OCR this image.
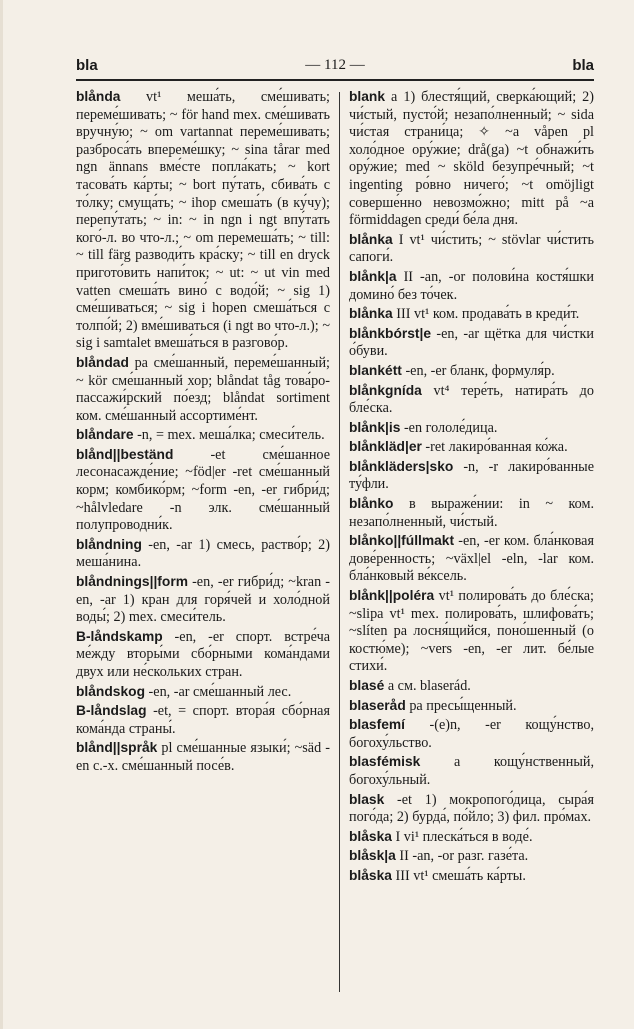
bla	— 112 —	bla

blånda vt¹ меша́ть, сме́шивать; переме́шивать; ~ för hand mex. сме́шивать вручну́ю; ~ om vartannat переме́шивать; разброса́ть впереме́шку; ~ sina tårar med ngn ännans вме́сте попла́кать; ~ kort тасова́ть ка́рты; ~ bort пу́тать, сбива́ть с то́лку; смуща́ть; ~ ihop смеша́ть (в ку́чу); перепу́тать; ~ in: ~ in ngn i ngt впу́тать кого́-л. во что-л.; ~ om перемеша́ть; ~ till: ~ till färg разводи́ть кра́ску; ~ till en dryck пригото́вить напи́ток; ~ ut: ~ ut vin med vatten смеша́ть вино́ с водо́й; ~ sig 1) сме́шиваться; ~ sig i hopen смеша́ться с толпо́й; 2) вме́шиваться (i ngt во что-л.); ~ sig i samtalet вмеша́ться в разгово́р.

blåndad pa сме́шанный, переме́шанный; ~ kör сме́шанный хор; blåndat tåg това́ро-пассажи́рский по́езд; blåndat sortiment ком. сме́шанный ассортиме́нт.

blåndare -n, = mex. меша́лка; смеси́тель.

blånd||beständ -et сме́шанное лесонасажде́ние; ~föd|er -ret сме́шанный корм; комбико́рм; ~form -en, -er гибри́д; ~hålvledare -n элк. сме́шанный полупроводни́к.

blåndning -en, -ar 1) смесь, раство́р; 2) меша́нина.

blåndnings||form -en, -er гибри́д; ~kran -en, -ar 1) кран для горя́чей и холо́дной воды́; 2) mex. смеси́тель.

B-låndskamp -en, -er спорт. встре́ча ме́жду вторы́ми сбо́рными кома́ндами двух или не́скольких стран.

blåndskog -en, -ar сме́шанный лес.

B-låndslag -et, = спорт. втора́я сбо́рная кома́нда страны́.

blånd||språk pl сме́шанные языки́; ~säd -en с.-х. сме́шанный посе́в.

blank a 1) блестя́щий, сверка́ющий; 2) чи́стый, пусто́й; незапо́лненный; ~ sida чи́стая страни́ца; ✧ ~a våpen pl холо́дное ору́жие; drå(ga) ~t обнажи́ть ору́жие; med ~ sköld безупре́чный; ~t ingenting ро́вно ничего́; ~t omöjligt соверше́нно невозмо́жно; mitt på ~a förmiddagen среди́ бе́ла дня.

blånka I vt¹ чи́стить; ~ stövlar чи́стить сапоги́.

blånk|a II -an, -or полови́на костя́шки домино́ без то́чек.

blånka III vt¹ ком. продава́ть в креди́т.

blånkbórst|e -en, -ar щётка для чи́стки о́буви.

blankétt -en, -er бланк, формуля́р.

blånkgnída vt⁴ тере́ть, натира́ть до бле́ска.

blånk|is -en гололе́дица.

blånkläd|er -ret лакиро́ванная ко́жа.

blånkläders|sko -n, -r лакиро́ванные ту́фли.

blånko в выраже́нии: in ~ ком. незапо́лненный, чи́стый.

blånko||fúllmakt -en, -er ком. бла́нковая дове́ренность; ~växl|el -eln, -lar ком. бла́нковый ве́ксель.

blånk||poléra vt¹ полирова́ть до бле́ска; ~slipa vt¹ mex. полирова́ть, шлифова́ть; ~slíten pa лосня́щийся, поно́шенный (о костю́ме); ~vers -en, -er лит. бе́лые стихи́.

blasé a см. blaserád.

blaseråd pa пресы́щенный.

blasfemí -(e)n, -er кощу́нство, богоху́льство.

blasfémisk a кощу́нственный, богоху́льный.

blask -et 1) мокропого́дица, сыра́я пого́да; 2) бурда́, по́йло; 3) фил. про́мах.

blåska I vi¹ плеска́ться в воде́.

blåsk|a II -an, -or разг. газе́та.

blåska III vt¹ смеша́ть ка́рты.
